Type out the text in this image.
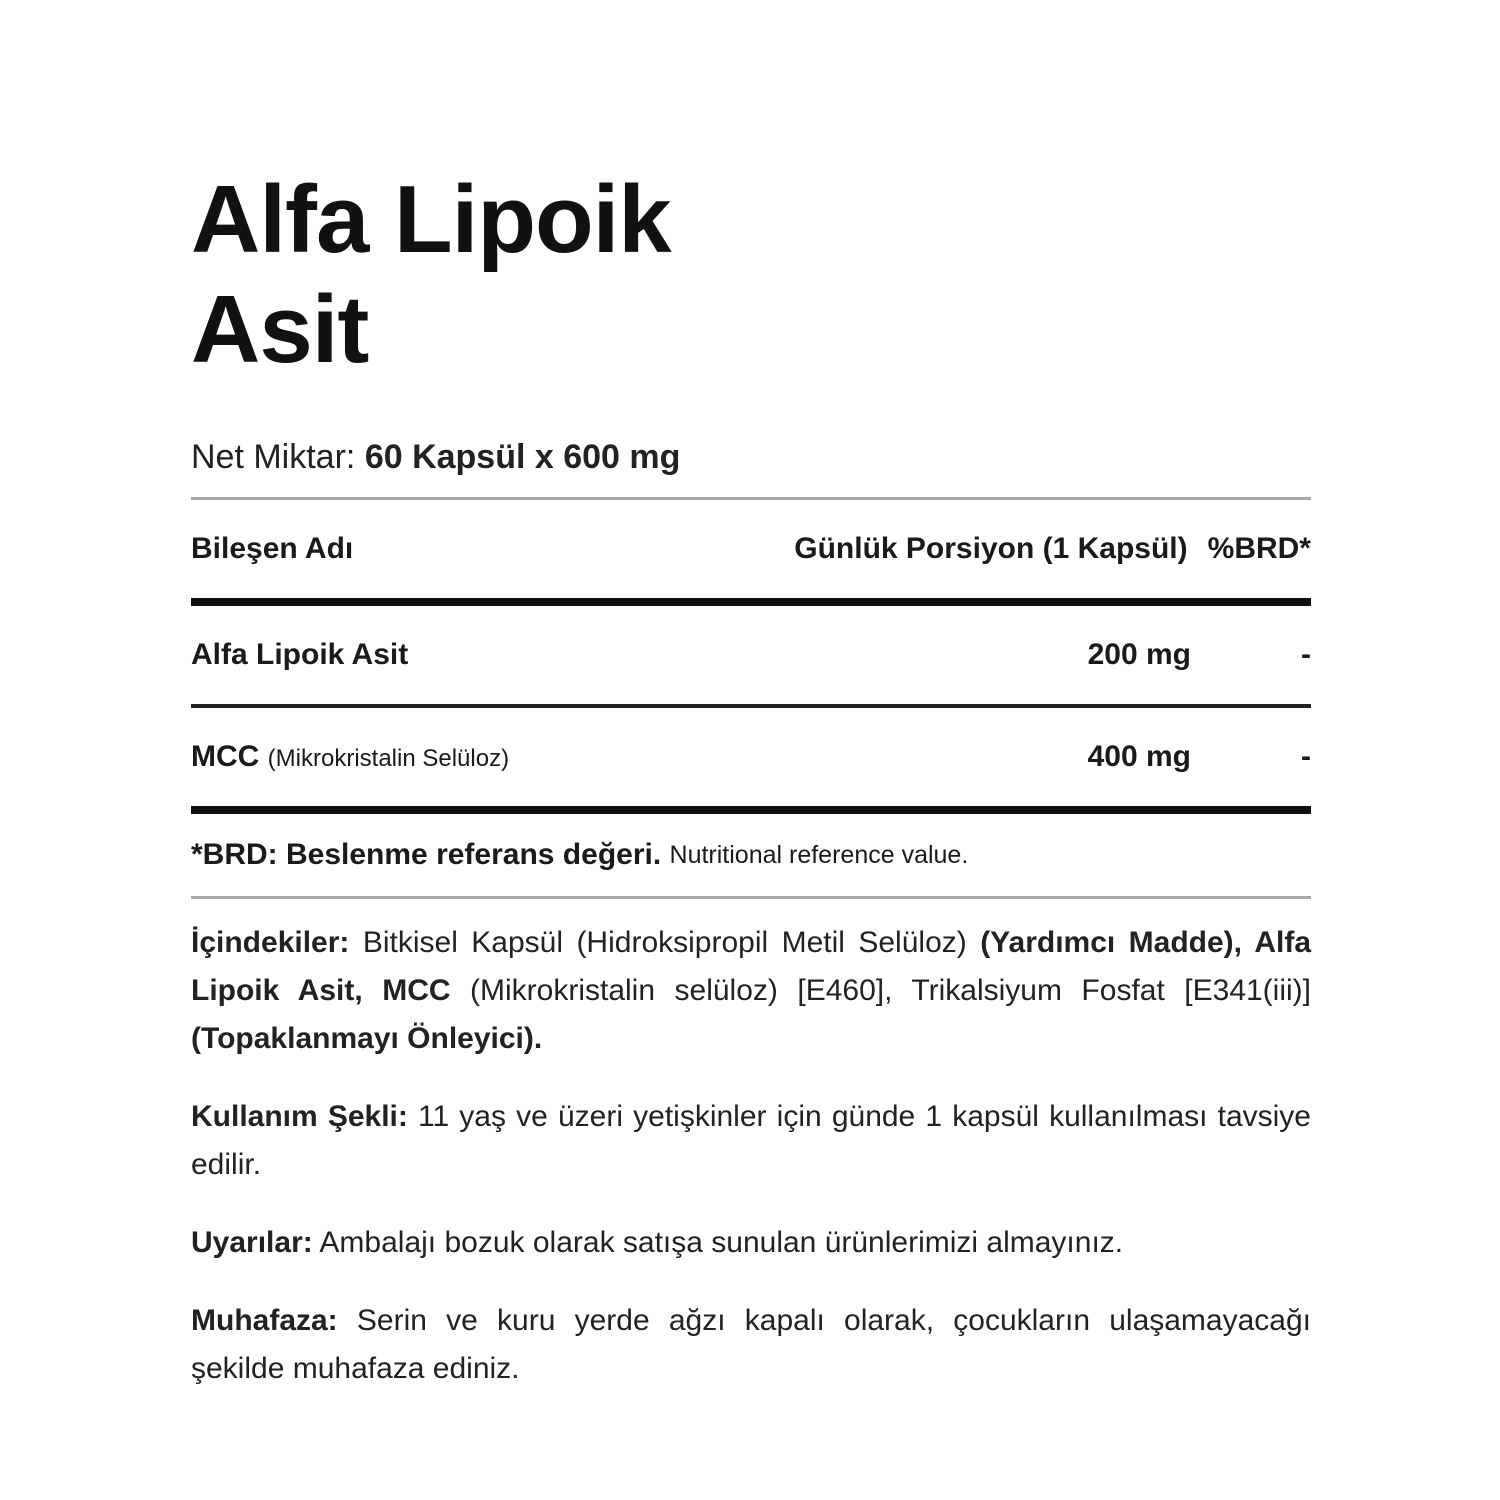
Alfa Lipoik
Asit
Net Miktar: 60 Kapsül x 600 mg
Bileşen Adı	Günlük Porsiyon (1 Kapsül) %BRD*
Alfa Lipoik Asit	200 mg	-
MCC (Mikrokristalin Selüloz)	400 mg	-
*BRD: Beslenme referans değeri.
Nutritional reference value.

İçindekiler: Bitkisel Kapsül (Hidroksipropil Metil Selüloz) (Yardımcı Madde), Alfa Lipoik Asit, MCC (Mikrokristalin selüloz) [E460], Trikalsiyum Fosfat [E341(iii)] (Topaklanmayı Önleyici).

Kullanım Şekli: 11 yaş ve üzeri yetişkinler için günde 1 kapsül kullanılması tavsiye edilir.

Uyarılar: Ambalajı bozuk olarak satışa sunulan ürünlerimizi almayınız.

Muhafaza: Serin ve kuru yerde ağzı kapalı olarak, çocukların ulaşamayacağı şekilde muhafaza ediniz.
